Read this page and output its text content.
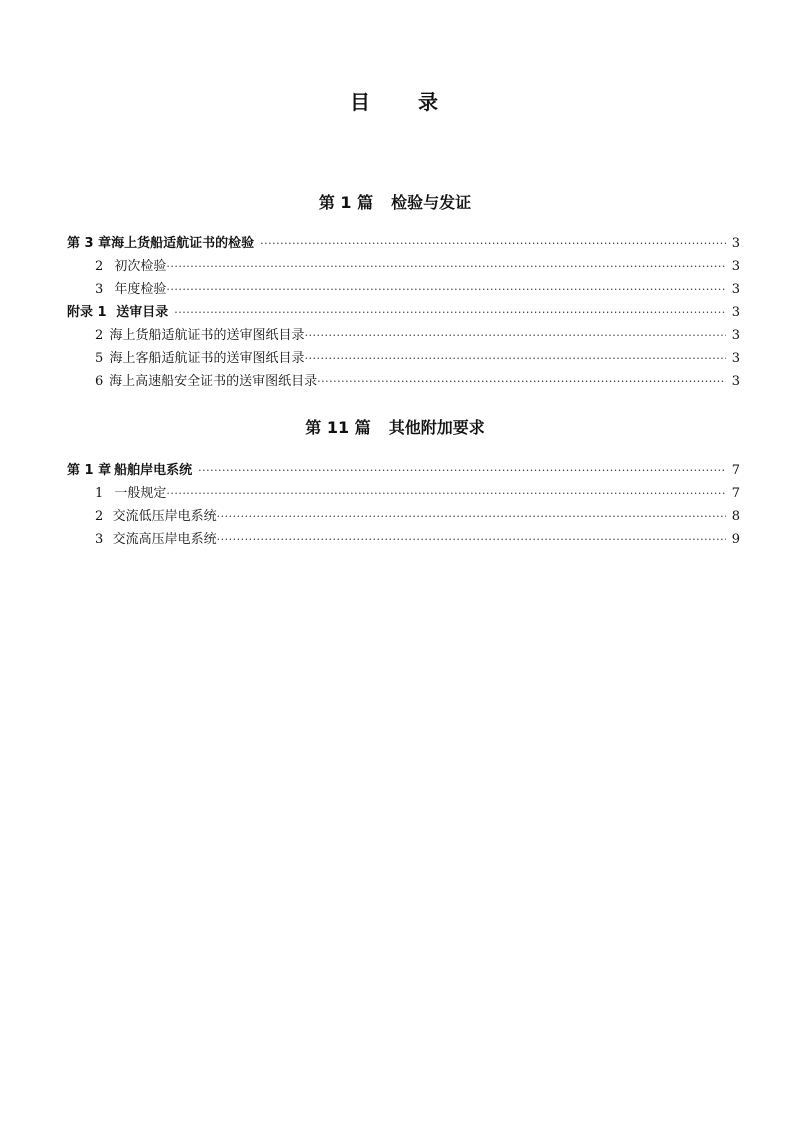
目 录
第 1 篇 检验与发证
第 3 章 海上货船适航证书的检验 ·····	3
2 初次检验 ·····	3
3 年度检验 ·····	3
附录 1 送审目录 ·····	3
2 海上货船适航证书的送审图纸目录 ·····	3
5 海上客船适航证书的送审图纸目录 ·····	3
6 海上高速船安全证书的送审图纸目录 ·····	3
第 11 篇 其他附加要求
第 1 章 船舶岸电系统 ·····	7
1 一般规定 ·····	7
2 交流低压岸电系统 ·····	8
3 交流高压岸电系统 ·····	9
